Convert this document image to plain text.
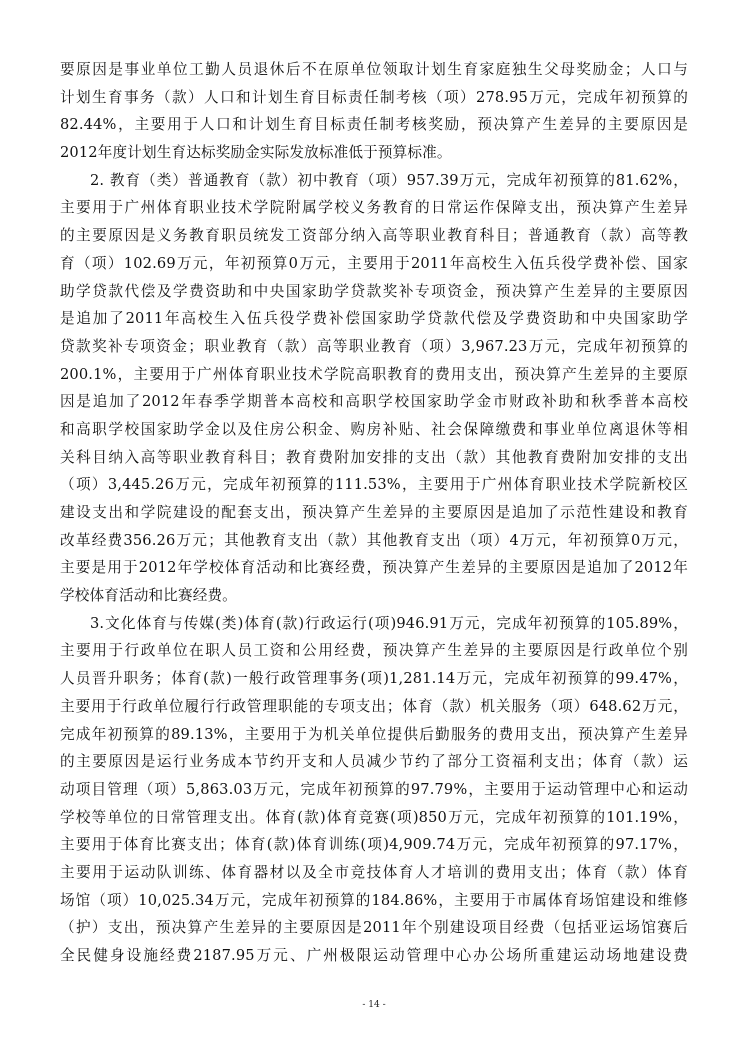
要原因是事业单位工勤人员退休后不在原单位领取计划生育家庭独生父母奖励金；人口与
计划生育事务（款）人口和计划生育目标责任制考核（项）278.95万元，完成年初预算的
82.44%，主要用于人口和计划生育目标责任制考核奖励，预决算产生差异的主要原因是
2012年度计划生育达标奖励金实际发放标准低于预算标准。
2. 教育（类）普通教育（款）初中教育（项）957.39万元，完成年初预算的81.62%，
主要用于广州体育职业技术学院附属学校义务教育的日常运作保障支出，预决算产生差异
的主要原因是义务教育职员统发工资部分纳入高等职业教育科目；普通教育（款）高等教
育（项）102.69万元，年初预算0万元，主要用于2011年高校生入伍兵役学费补偿、国家
助学贷款代偿及学费资助和中央国家助学贷款奖补专项资金，预决算产生差异的主要原因
是追加了2011年高校生入伍兵役学费补偿国家助学贷款代偿及学费资助和中央国家助学
贷款奖补专项资金；职业教育（款）高等职业教育（项）3,967.23万元，完成年初预算的
200.1%，主要用于广州体育职业技术学院高职教育的费用支出，预决算产生差异的主要原
因是追加了2012年春季学期普本高校和高职学校国家助学金市财政补助和秋季普本高校
和高职学校国家助学金以及住房公积金、购房补贴、社会保障缴费和事业单位离退休等相
关科目纳入高等职业教育科目；教育费附加安排的支出（款）其他教育费附加安排的支出
（项）3,445.26万元，完成年初预算的111.53%，主要用于广州体育职业技术学院新校区
建设支出和学院建设的配套支出，预决算产生差异的主要原因是追加了示范性建设和教育
改革经费356.26万元；其他教育支出（款）其他教育支出（项）4万元，年初预算0万元，
主要是用于2012年学校体育活动和比赛经费，预决算产生差异的主要原因是追加了2012年
学校体育活动和比赛经费。
3.文化体育与传媒(类)体育(款)行政运行(项)946.91万元，完成年初预算的105.89%，
主要用于行政单位在职人员工资和公用经费，预决算产生差异的主要原因是行政单位个别
人员晋升职务；体育(款)一般行政管理事务(项)1,281.14万元，完成年初预算的99.47%，
主要用于行政单位履行行政管理职能的专项支出；体育（款）机关服务（项）648.62万元，
完成年初预算的89.13%，主要用于为机关单位提供后勤服务的费用支出，预决算产生差异
的主要原因是运行业务成本节约开支和人员减少节约了部分工资福利支出；体育（款）运
动项目管理（项）5,863.03万元，完成年初预算的97.79%，主要用于运动管理中心和运动
学校等单位的日常管理支出。体育(款)体育竞赛(项)850万元，完成年初预算的101.19%，
主要用于体育比赛支出；体育(款)体育训练(项)4,909.74万元，完成年初预算的97.17%，
主要用于运动队训练、体育器材以及全市竞技体育人才培训的费用支出；体育（款）体育
场馆（项）10,025.34万元，完成年初预算的184.86%，主要用于市属体育场馆建设和维修
（护）支出，预决算产生差异的主要原因是2011年个别建设项目经费（包括亚运场馆赛后
全民健身设施经费2187.95万元、广州极限运动管理中心办公场所重建运动场地建设费
- 14 -
